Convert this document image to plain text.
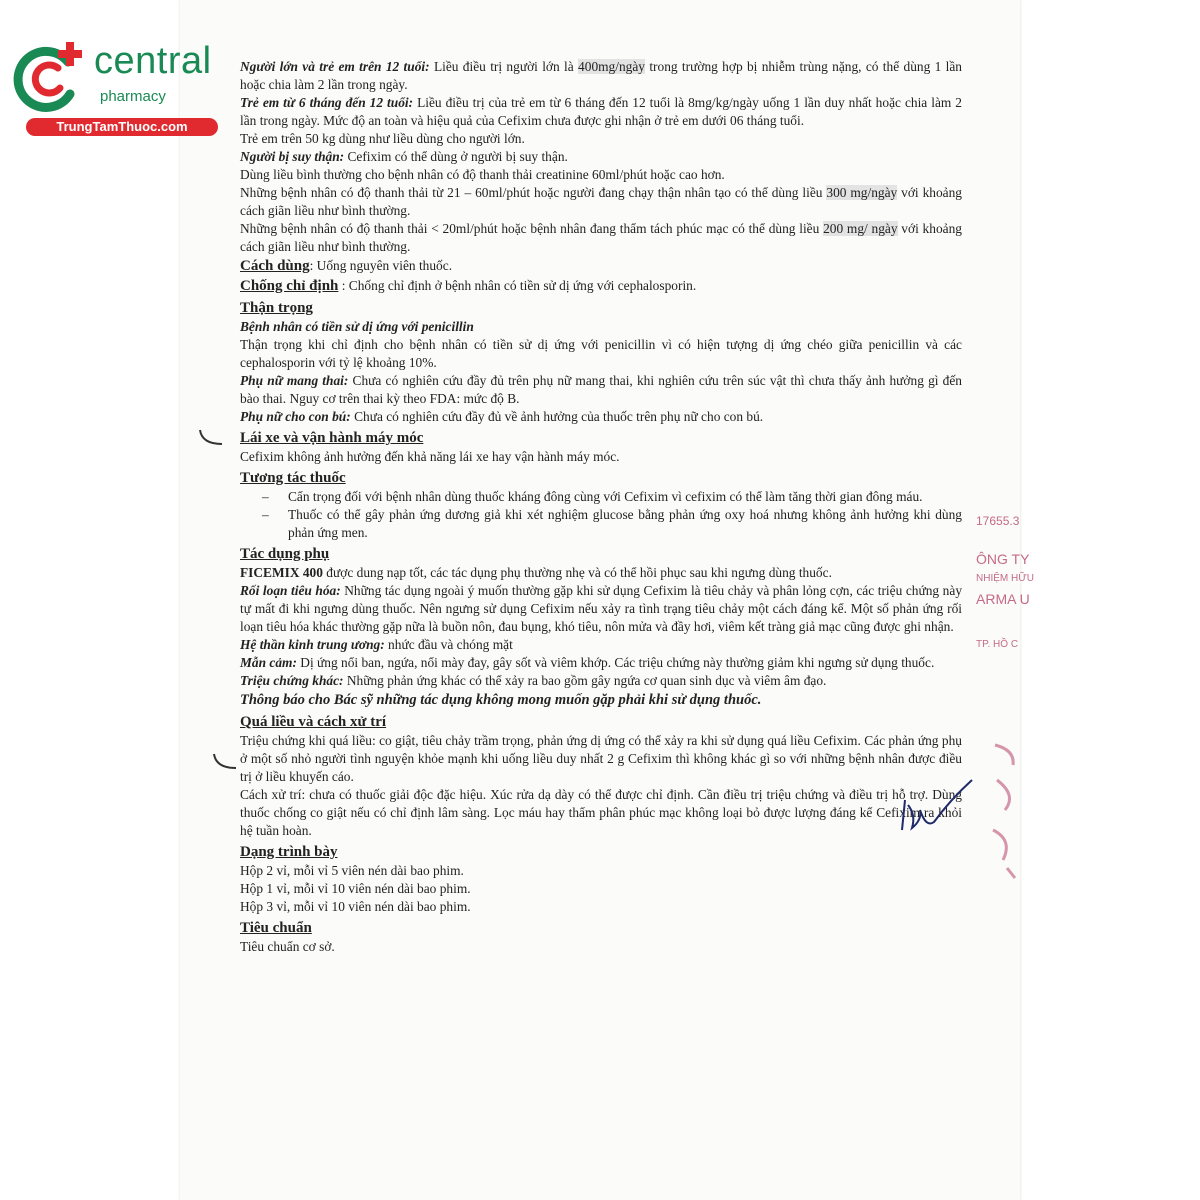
central
pharmacy
TrungTamThuoc.com

Người lớn và trẻ em trên 12 tuổi: Liều điều trị người lớn là 400mg/ngày trong trường hợp bị nhiễm trùng nặng, có thể dùng 1 lần hoặc chia làm 2 lần trong ngày.

Trẻ em từ 6 tháng đến 12 tuổi: Liều điều trị của trẻ em từ 6 tháng đến 12 tuổi là 8mg/kg/ngày uống 1 lần duy nhất hoặc chia làm 2 lần trong ngày. Mức độ an toàn và hiệu quả của Cefixim chưa được ghi nhận ở trẻ em dưới 06 tháng tuổi.

Trẻ em trên 50 kg dùng như liều dùng cho người lớn.

Người bị suy thận: Cefixim có thể dùng ở người bị suy thận.

Dùng liều bình thường cho bệnh nhân có độ thanh thải creatinine 60ml/phút hoặc cao hơn.

Những bệnh nhân có độ thanh thải từ 21 – 60ml/phút hoặc người đang chạy thận nhân tạo có thể dùng liều 300 mg/ngày với khoảng cách giãn liều như bình thường.

Những bệnh nhân có độ thanh thải < 20ml/phút hoặc bệnh nhân đang thẩm tách phúc mạc có thể dùng liều 200 mg/ ngày với khoảng cách giãn liều như bình thường.

Cách dùng: Uống nguyên viên thuốc.

Chống chỉ định : Chống chỉ định ở bệnh nhân có tiền sử dị ứng với cephalosporin.

Thận trọng

Bệnh nhân có tiền sử dị ứng với penicillin

Thận trọng khi chỉ định cho bệnh nhân có tiền sử dị ứng với penicillin vì có hiện tượng dị ứng chéo giữa penicillin và các cephalosporin với tỷ lệ khoảng 10%.

Phụ nữ mang thai: Chưa có nghiên cứu đầy đủ trên phụ nữ mang thai, khi nghiên cứu trên súc vật thì chưa thấy ảnh hưởng gì đến bào thai. Nguy cơ trên thai kỳ theo FDA: mức độ B.

Phụ nữ cho con bú: Chưa có nghiên cứu đầy đủ về ảnh hưởng của thuốc trên phụ nữ cho con bú.

Lái xe và vận hành máy móc

Cefixim không ảnh hưởng đến khả năng lái xe hay vận hành máy móc.

Tương tác thuốc

– Cẩn trọng đối với bệnh nhân dùng thuốc kháng đông cùng với Cefixim vì cefixim có thể làm tăng thời gian đông máu.

– Thuốc có thể gây phản ứng dương giả khi xét nghiệm glucose bằng phản ứng oxy hoá nhưng không ảnh hưởng khi dùng phản ứng men.

Tác dụng phụ

FICEMIX 400 được dung nạp tốt, các tác dụng phụ thường nhẹ và có thể hồi phục sau khi ngưng dùng thuốc.

Rối loạn tiêu hóa: Những tác dụng ngoài ý muốn thường gặp khi sử dụng Cefixim là tiêu chảy và phân lỏng cợn, các triệu chứng này tự mất đi khi ngưng dùng thuốc. Nên ngưng sử dụng Cefixim nếu xảy ra tình trạng tiêu chảy một cách đáng kể. Một số phản ứng rối loạn tiêu hóa khác thường gặp nữa là buồn nôn, đau bụng, khó tiêu, nôn mửa và đầy hơi, viêm kết tràng giả mạc cũng được ghi nhận.

Hệ thần kinh trung ương: nhức đầu và chóng mặt

Mẫn cảm: Dị ứng nổi ban, ngứa, nổi mày đay, gây sốt và viêm khớp. Các triệu chứng này thường giảm khi ngưng sử dụng thuốc.

Triệu chứng khác: Những phản ứng khác có thể xảy ra bao gồm gây ngứa cơ quan sinh dục và viêm âm đạo.

Thông báo cho Bác sỹ những tác dụng không mong muốn gặp phải khi sử dụng thuốc.

Quá liều và cách xử trí

Triệu chứng khi quá liều: co giật, tiêu chảy trầm trọng, phản ứng dị ứng có thể xảy ra khi sử dụng quá liều Cefixim. Các phản ứng phụ ở một số nhỏ người tình nguyện khỏe mạnh khi uống liều duy nhất 2 g Cefixim thì không khác gì so với những bệnh nhân được điều trị ở liều khuyến cáo.

Cách xử trí: chưa có thuốc giải độc đặc hiệu. Xúc rửa dạ dày có thể được chỉ định. Cần điều trị triệu chứng và điều trị hỗ trợ. Dùng thuốc chống co giật nếu có chỉ định lâm sàng. Lọc máu hay thẩm phân phúc mạc không loại bỏ được lượng đáng kể Cefixim ra khỏi hệ tuần hoàn.

Dạng trình bày

Hộp 2 vỉ, mỗi vỉ 5 viên nén dài bao phim.

Hộp 1 vỉ, mỗi vỉ 10 viên nén dài bao phim.

Hộp 3 vỉ, mỗi vỉ 10 viên nén dài bao phim.

Tiêu chuẩn

Tiêu chuẩn cơ sở.

17655.3
ÔNG TY
NHIỆM HỮU
ARMA U
TP. HỒ C
